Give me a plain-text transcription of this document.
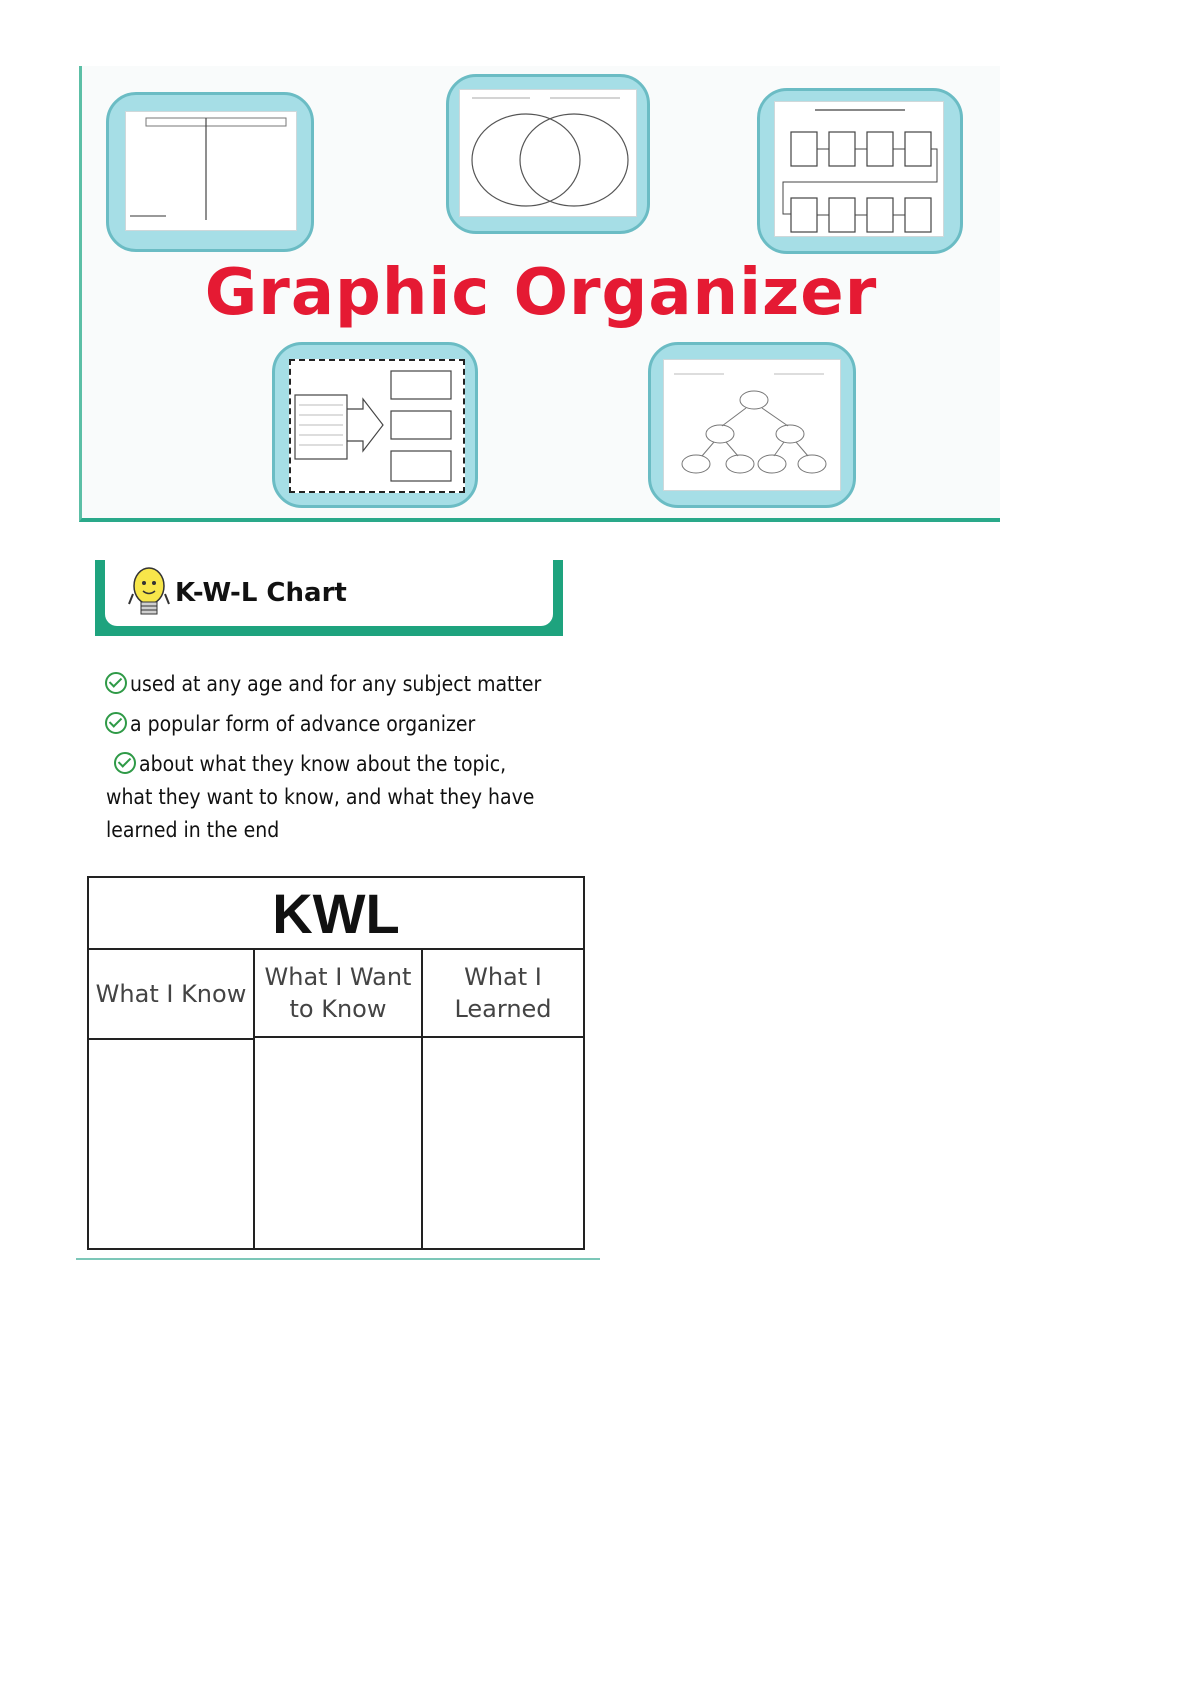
Graphic Organizer
K-W-L Chart
used at any age and for any subject matter
a popular form of advance organizer
about what they know about the topic, what they want to know, and what they have learned in the end
KWL
What I Know
What I Want to Know
What I Learned
